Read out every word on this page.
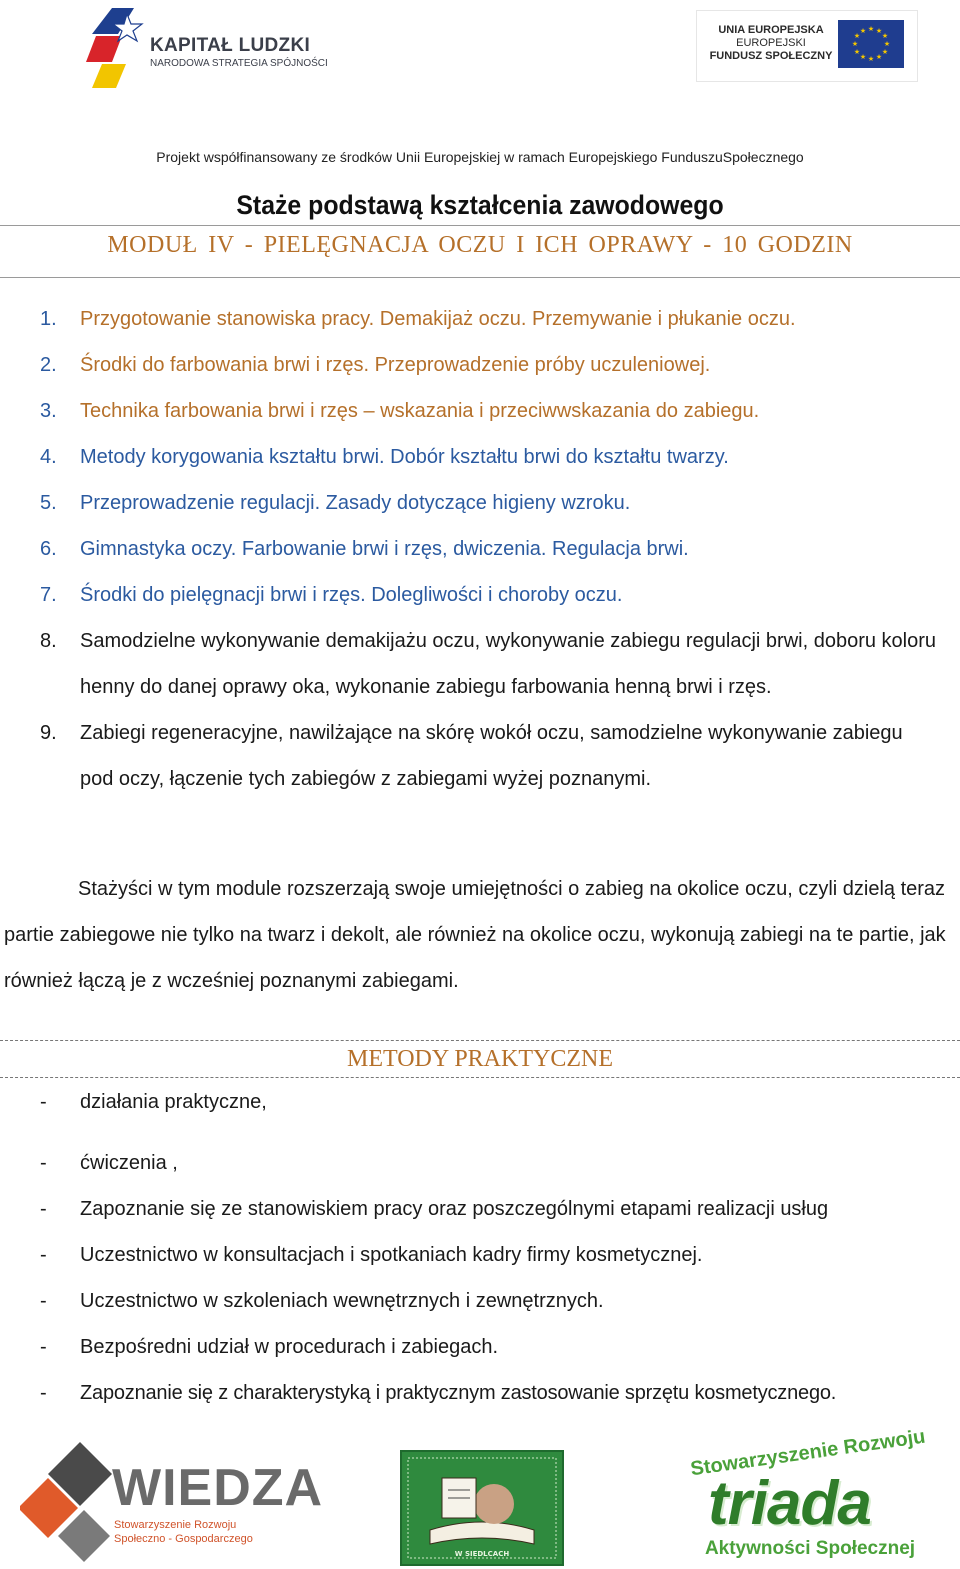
KAPITAŁ LUDZKI
NARODOWA STRATEGIA SPÓJNOŚCI
UNIA EUROPEJSKA
EUROPEJSKI
FUNDUSZ SPOŁECZNY
★ ★
★
★
★
★
★
★
★
★
★
★
Projekt współfinansowany ze środków Unii Europejskiej w ramach Europejskiego FunduszuSpołecznego
Staże podstawą kształcenia zawodowego
MODUŁ IV - PIELĘGNACJA OCZU I ICH OPRAWY - 10 GODZIN
1. Przygotowanie stanowiska pracy. Demakijaż oczu. Przemywanie i płukanie oczu.
2. Środki do farbowania brwi i rzęs. Przeprowadzenie próby uczuleniowej.
3. Technika farbowania brwi i rzęs – wskazania i przeciwwskazania do zabiegu.
4. Metody korygowania kształtu brwi. Dobór kształtu brwi do kształtu twarzy.
5. Przeprowadzenie regulacji. Zasady dotyczące higieny wzroku.
6. Gimnastyka oczy. Farbowanie brwi i rzęs, dwiczenia. Regulacja brwi.
7. Środki do pielęgnacji brwi i rzęs. Dolegliwości i choroby oczu.
8. Samodzielne wykonywanie demakijażu oczu, wykonywanie zabiegu regulacji brwi, doboru koloru henny do danej oprawy oka, wykonanie zabiegu farbowania henną brwi i rzęs.
9. Zabiegi regeneracyjne, nawilżające na skórę wokół oczu, samodzielne wykonywanie zabiegu pod oczy, łączenie tych zabiegów z zabiegami wyżej poznanymi.
Stażyści w tym module rozszerzają swoje umiejętności o zabieg na okolice oczu, czyli dzielą teraz partie zabiegowe nie tylko na twarz i dekolt, ale również na okolice oczu, wykonują zabiegi na te partie, jak również łączą je z wcześniej poznanymi zabiegami.
METODY PRAKTYCZNE
- działania praktyczne,
- ćwiczenia ,
- Zapoznanie się ze stanowiskiem pracy oraz poszczególnymi etapami realizacji usług
- Uczestnictwo w konsultacjach i spotkaniach kadry firmy kosmetycznej.
- Uczestnictwo w szkoleniach wewnętrznych i zewnętrznych.
- Bezpośredni udział w procedurach i zabiegach.
- Zapoznanie się z charakterystyką i praktycznym zastosowanie sprzętu kosmetycznego.
WIEDZA
Stowarzyszenie Rozwoju
Społeczno - Gospodarczego
W SIEDLCACH
Stowarzyszenie Rozwoju
triada
Aktywności Społecznej
